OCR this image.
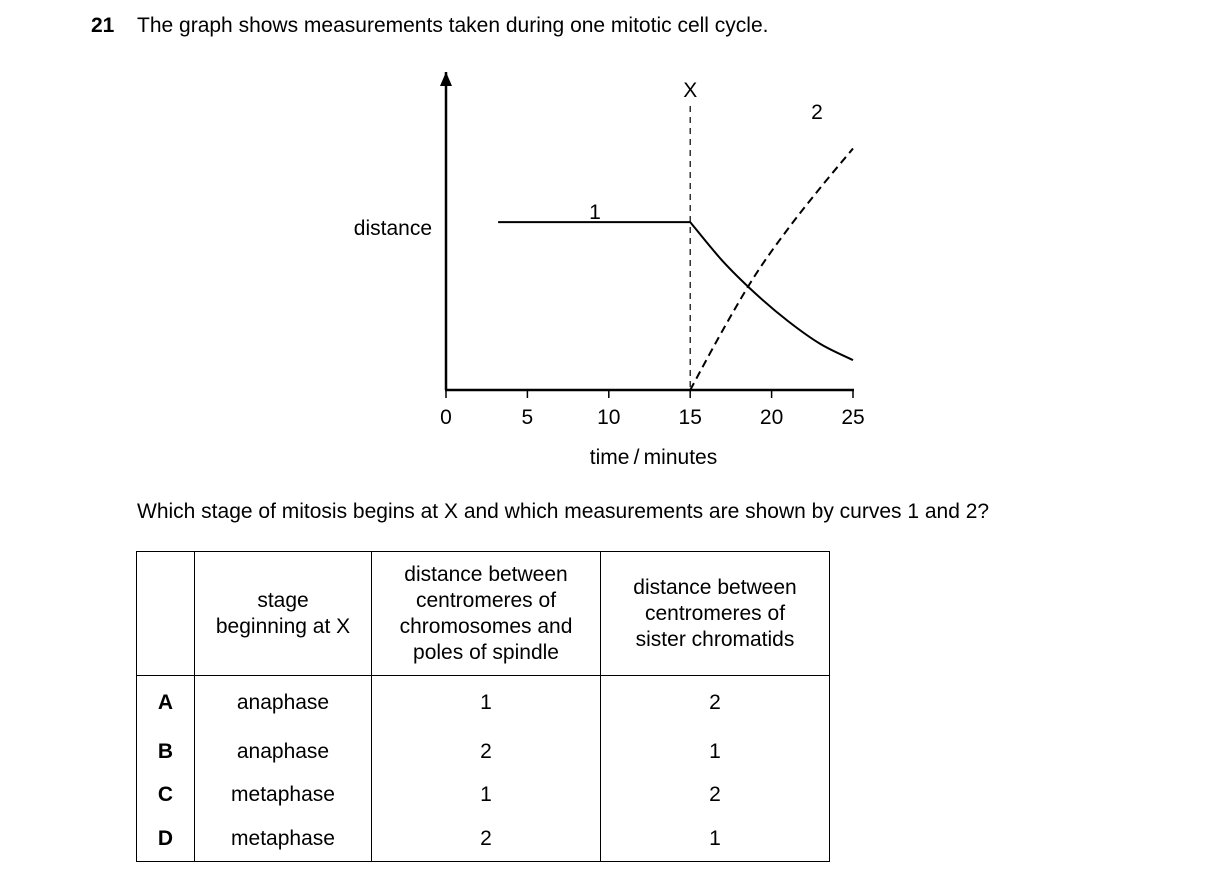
21 The graph shows measurements taken during one mitotic cell cycle.
0	5	10	15	20	25
distance
time / minutes
X
1
2
Which stage of mitosis begins at X and which measurements are shown by curves 1 and 2?
	stage
beginning at X	distance between
centromeres of
chromosomes and
poles of spindle	distance between
centromeres of
sister chromatids
A	anaphase	1	2
B	anaphase	2	1
C	metaphase	1	2
D	metaphase	2	1
